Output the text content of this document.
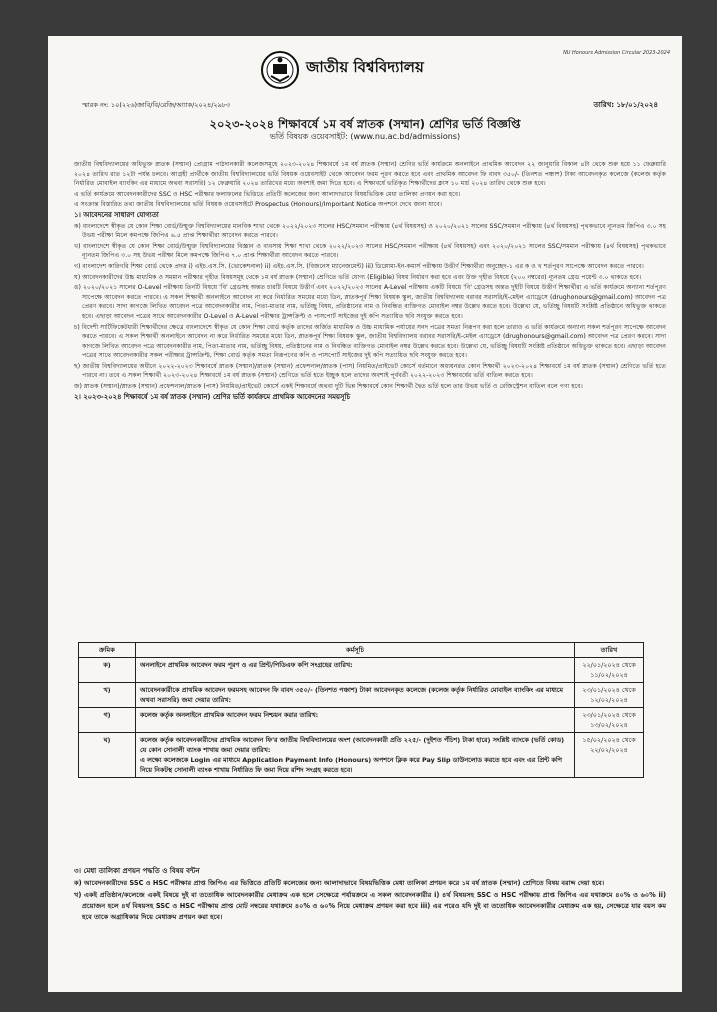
NU Honours Admission Circular 2023-2024
জাতীয় বিশ্ববিদ্যালয়
স্মারক নং: ১০(২২৬)জাবি/বি/রেজি/আ্যাক/২০২৪/২৯৮৩	তারিখ: ১৮/০১/২০২৪
২০২৩-২০২৪ শিক্ষাবর্ষে ১ম বর্ষ স্নাতক (সম্মান) শ্রেণির ভর্তি বিজ্ঞপ্তি
ভর্তি বিষয়ক ওয়েবসাইট: (www.nu.ac.bd/admissions)

জাতীয় বিশ্ববিদ্যালয়ের অধিভুক্ত স্নাতক (সম্মান) প্রোগ্রাম পাঠদানকারী কলেজসমূহে ২০২৩-২০২৪ শিক্ষাবর্ষে ১ম বর্ষ স্নাতক (সম্মান) শ্রেণির ভর্তি কার্যক্রমে অনলাইনে প্রাথমিক আবেদন ২২ জানুয়ারি বিকাল ৪টা থেকে শুরু হয়ে ১১ ফেব্রুয়ারি ২০২৪ তারিখ রাত ১২টা পর্যন্ত চলবে। আগ্রহী প্রার্থীকে জাতীয় বিশ্ববিদ্যালয়ের ভর্তি বিষয়ক ওয়েবসাইট থেকে আবেদন ফরম পূরণ করতে হবে এবং প্রাথমিক আবেদন ফি বাবদ ৩৫০/- (তিনশত পঞ্চাশ) টাকা আবেদনকৃত কলেজে (কলেজ কর্তৃক নির্ধারিত মোবাইল ব্যাংকিং এর মাধ্যমে অথবা সরাসরি) ১২ ফেব্রুয়ারি ২০২৪ তারিখের মধ্যে অবশ্যই জমা দিতে হবে। এ শিক্ষাবর্ষে ভর্তিকৃত শিক্ষার্থীদের ক্লাস ১০ মার্চ ২০২৪ তারিখ থেকে শুরু হবে।

এ ভর্তি কার্যক্রমে আবেদনকারীদের SSC ও HSC পরীক্ষার ফলাফলের ভিত্তিতে প্রতিটি কলেজের জন্য আলাদাভাবে বিষয়ভিত্তিক মেধা তালিকা প্রণয়ন করা হবে।

এ সংক্রান্ত বিস্তারিত তথ্য জাতীয় বিশ্ববিদ্যালয়ের ভর্তি বিষয়ক ওয়েবসাইটে Prospectus (Honours)/Important Notice অপশনে দেখে জানা যাবে।

১। আবেদনের সাধারণ যোগ্যতা

ক) বাংলাদেশে স্বীকৃত যে কোন শিক্ষা বোর্ড/উন্মুক্ত বিশ্ববিদ্যালয়ের মানবিক শাখা থেকে ২০২২/২০২৩ সালের HSC/সমমান পরীক্ষায় (৪র্থ বিষয়সহ) ও ২০২০/২০২১ সালের SSC/সমমান পরীক্ষায় (৪র্থ বিষয়সহ) পৃথকভাবে ন্যূনতম জিপিএ ৩.০ সহ উভয় পরীক্ষা মিলে কমপক্ষে জিপিএ ৬.৫ প্রাপ্ত শিক্ষার্থীরা আবেদন করতে পারবে।

খ) বাংলাদেশে স্বীকৃত যে কোন শিক্ষা বোর্ড/উন্মুক্ত বিশ্ববিদ্যালয়ের বিজ্ঞান ও ব্যবসায় শিক্ষা শাখা থেকে ২০২২/২০২৩ সালের HSC/সমমান পরীক্ষায় (৪র্থ বিষয়সহ) এবং ২০২০/২০২১ সালের SSC/সমমান পরীক্ষায় (৪র্থ বিষয়সহ) পৃথকভাবে ন্যূনতম জিপিএ ৩.০ সহ উভয় পরীক্ষা মিলে কমপক্ষে জিপিএ ৭.০ প্রাপ্ত শিক্ষার্থীরা আবেদন করতে পারবে।

গ) বাংলাদেশ কারিগরি শিক্ষা বোর্ড থেকে প্রদত্ত i) এইচ.এস.সি. (ভোকেশনাল) ii) এইচ.এস.সি. (বিজনেস ম্যানেজমেন্ট) iii) ডিপ্লোমা-ইন-কমার্স পরীক্ষায় উত্তীর্ণ শিক্ষার্থীরা অনুচ্ছেদ-১ এর ক ও খ শর্তপূরণ সাপেক্ষে আবেদন করতে পারবে।

ঘ) আবেদনকারীদের উচ্চ মাধ্যমিক ও সমমান পরীক্ষার গৃহীত বিষয়সমূহ থেকে ১ম বর্ষ স্নাতক (সম্মান) শ্রেণিতে ভর্তি যোগ্য (Eligible) বিষয় নির্ধারণ করা হবে এবং উক্ত গৃহীত বিষয়ে (২০০ নম্বরের) ন্যূনতম গ্রেড পয়েন্ট ৩.০ থাকতে হবে।

ঙ) ২০২০/২০২১ সালের O-Level পরীক্ষায় তিনটি বিষয়ে 'বি' গ্রেডসহ অন্তত চারটি বিষয়ে উত্তীর্ণ এবং ২০২২/২০২৩ সালের A-Level পরীক্ষায় একটি বিষয়ে 'বি' গ্রেডসহ অন্তত দুইটি বিষয়ে উত্তীর্ণ শিক্ষার্থীরা এ ভর্তি কার্যক্রমে অন্যান্য শর্তপূরণ সাপেক্ষে আবেদন করতে পারবে। এ সকল শিক্ষার্থী অনলাইনে আবেদন না করে নির্ধারিত সময়ের মধ্যে ডিন, স্নাতকপূর্ব শিক্ষা বিষয়ক স্কুল, জাতীয় বিশ্ববিদ্যালয় বরাবর সরাসরি/ই-মেইল এ্যাড্রেসে (drughonours@gmail.com) আবেদন পত্র প্রেরণ করবে। সাদা কাগজে লিখিত আবেদন পত্রে আবেদনকারীর নাম, পিতা-মাতার নাম, ভর্তিচ্ছু বিষয়, প্রতিষ্ঠানের নাম ও নিবন্ধিত ব্যক্তিগত মোবাইল নম্বর উল্লেখ করতে হবে। উল্লেখ্য যে, ভর্তিচ্ছু বিষয়টি সংশ্লিষ্ট প্রতিষ্ঠানে অধিভুক্ত থাকতে হবে। এছাড়া আবেদন পত্রের সাথে আবেদনকারীর O-Level ও A-Level পরীক্ষার ট্রান্সক্রিপ্ট ও পাসপোর্ট সাইজের দুই কপি সত্যায়িত ছবি সংযুক্ত করতে হবে।

চ) বিদেশী সার্টিফিকেটধারী শিক্ষার্থীদের ক্ষেত্রে বাংলাদেশে স্বীকৃত যে কোন শিক্ষা বোর্ড কর্তৃক তাদের অর্জিত মাধ্যমিক ও উচ্চ মাধ্যমিক পর্যায়ের সনদ পত্রের সমতা নিরূপণ করা হলে তারাও এ ভর্তি কার্যক্রমে অন্যান্য সকল শর্তপূরণ সাপেক্ষে আবেদন করতে পারবে। এ সকল শিক্ষার্থী অনলাইনে আবেদন না করে নির্ধারিত সময়ের মধ্যে ডিন, স্নাতকপূর্ব শিক্ষা বিষয়ক স্কুল, জাতীয় বিশ্ববিদ্যালয় বরাবর সরাসরি/ই-মেইল এ্যাড্রেসে (drughonours@gmail.com) আবেদন পত্র প্রেরণ করবে। সাদা কাগজে লিখিত আবেদন পত্রে আবেদনকারীর নাম, পিতা-মাতার নাম, ভর্তিচ্ছু বিষয়, প্রতিষ্ঠানের নাম ও নিবন্ধিত ব্যক্তিগত মোবাইল নম্বর উল্লেখ করতে হবে। উল্লেখ্য যে, ভর্তিচ্ছু বিষয়টি সংশ্লিষ্ট প্রতিষ্ঠানে অধিভুক্ত থাকতে হবে। এছাড়া আবেদন পত্রের সাথে আবেদনকারীর সকল পরীক্ষার ট্রান্সক্রিপ্ট, শিক্ষা বোর্ড কর্তৃক সমতা নিরূপণের কপি ও পাসপোর্ট সাইজের দুই কপি সত্যায়িত ছবি সংযুক্ত করতে হবে।

ছ) জাতীয় বিশ্ববিদ্যালয়ের অধীনে ২০২২-২০২৩ শিক্ষাবর্ষে স্নাতক (সম্মান)/স্নাতক (সম্মান) প্রফেশনাল/স্নাতক (পাস) নিয়মিত/প্রাইভেট কোর্সে বর্তমানে অধ্যয়নরত কোন শিক্ষার্থী ২০২৩-২০২৪ শিক্ষাবর্ষে ১ম বর্ষ স্নাতক (সম্মান) শ্রেণিতে ভর্তি হতে পারবে না। তবে এ সকল শিক্ষার্থী ২০২৩-২০২৪ শিক্ষাবর্ষে ১ম বর্ষ স্নাতক (সম্মান) শ্রেণিতে ভর্তি হতে ইচ্ছুক হলে তাদের অবশ্যই পূর্ববর্তী ২০২২-২০২৩ শিক্ষাবর্ষের ভর্তি বাতিল করতে হবে।

জ) স্নাতক (সম্মান)/স্নাতক (সম্মান) প্রফেশনাল/স্নাতক (পাস) নিয়মিত/প্রাইভেট কোর্সে একই শিক্ষাবর্ষে অথবা দুটি ভিন্ন শিক্ষাবর্ষে কোন শিক্ষার্থী দ্বৈত ভর্তি হলে তার উভয় ভর্তি ও রেজিস্ট্রেশন বাতিল বলে গণ্য হবে।

২। ২০২৩-২০২৪ শিক্ষাবর্ষে ১ম বর্ষ স্নাতক (সম্মান) শ্রেণির ভর্তি কার্যক্রমে প্রাথমিক আবেদনের সময়সূচি

ক্রমিক	কর্মসূচি	তারিখ
ক)	অনলাইনে প্রাথমিক আবেদন ফরম পূরণ ও এর প্রিন্ট/পিডিএফ কপি সংগ্রহের তারিখ:	২২/০১/২০২৪ থেকে ১১/০২/২০২৪
খ)	আবেদনকারীকে প্রাথমিক আবেদন ফরমসহ আবেদন ফি বাবদ ৩৫০/- (তিনশত পঞ্চাশ) টাকা আবেদনকৃত কলেজে (কলেজ কর্তৃক নির্ধারিত মোবাইল ব্যাংকিং এর মাধ্যমে অথবা সরাসরি) জমা দেয়ার তারিখ:	২৩/০১/২০২৪ থেকে ১২/০২/২০২৪
গ)	কলেজ কর্তৃক অনলাইনে প্রাথমিক আবেদন ফরম নিশ্চয়ন করার তারিখ:	২৩/০১/২০২৪ থেকে ১৩/০২/২০২৪
ঘ)	কলেজ কর্তৃক আবেদনকারীদের প্রাথমিক আবেদন ফি'র জাতীয় বিশ্ববিদ্যালয়ের অংশ (আবেদনকারী প্রতি ২২৫/- (দুইশত পঁচিশ) টাকা হারে) সংশ্লিষ্ট ব্যাংকে (ভর্তি কোড) যে কোন সোনালী ব্যাংক শাখায় জমা দেয়ার তারিখ:
এ লক্ষ্যে কলেজকে Login এর মাধ্যমে Application Payment Info (Honours) অপশনে ক্লিক করে Pay Slip ডাউনলোড করতে হবে এবং এর প্রিন্ট কপি নিয়ে নিকটস্থ সোনালী ব্যাংক শাখায় নির্ধারিত ফি জমা দিয়ে রশিদ সংগ্রহ করতে হবে।	১৫/০২/২০২৪ থেকে ২২/০২/২০২৪

৩। মেধা তালিকা প্রণয়ন পদ্ধতি ও বিষয় বন্টন

ক) আবেদনকারীদের SSC ও HSC পরীক্ষার প্রাপ্ত জিপিএ এর ভিত্তিতে প্রতিটি কলেজের জন্য আলাদাভাবে বিষয়ভিত্তিক মেধা তালিকা প্রণয়ন করে ১ম বর্ষ স্নাতক (সম্মান) শ্রেণিতে বিষয় বরাদ্দ দেয়া হবে।

খ) একই প্রতিষ্ঠান/কলেজে একই বিষয়ে দুই বা ততোধিক আবেদনকারীর মেধাক্রম এক হলে সেক্ষেত্রে পর্যায়ক্রমে এ সকল আবেদনকারীর i) ৪র্থ বিষয়সহ SSC ও HSC পরীক্ষায় প্রাপ্ত জিপিএ এর যথাক্রমে ৪০% ও ৬০% ii) প্রয়োজন হলে ৪র্থ বিষয়সহ SSC ও HSC পরীক্ষায় প্রাপ্ত মোট নম্বরের যথাক্রমে ৪০% ও ৬০% নিয়ে মেধাক্রম প্রণয়ন করা হবে iii) এর পরেও যদি দুই বা ততোধিক আবেদনকারীর মেধাক্রম এক হয়, সেক্ষেত্রে যার বয়স কম হবে তাকে অগ্রাধিকার দিয়ে মেধাক্রম প্রণয়ন করা হবে।
